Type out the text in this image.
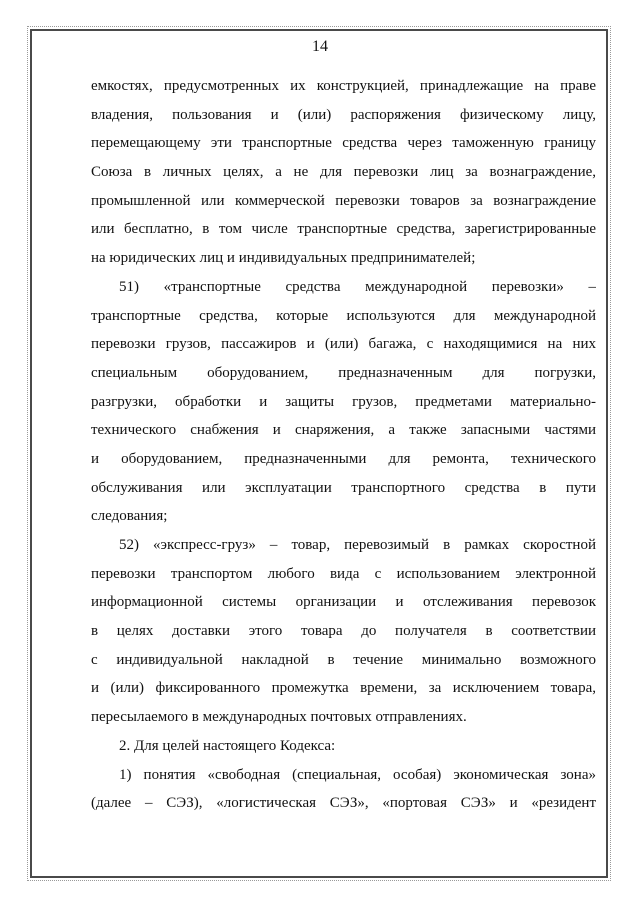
14
емкостях, предусмотренных их конструкцией, принадлежащие на праве
владения, пользования и (или) распоряжения физическому лицу,
перемещающему эти транспортные средства через таможенную границу
Союза в личных целях, а не для перевозки лиц за вознаграждение,
промышленной или коммерческой перевозки товаров за вознаграждение
или бесплатно, в том числе транспортные средства, зарегистрированные
на юридических лиц и индивидуальных предпринимателей;
51) «транспортные средства международной перевозки» –
транспортные средства, которые используются для международной
перевозки грузов, пассажиров и (или) багажа, с находящимися на них
специальным оборудованием, предназначенным для погрузки,
разгрузки, обработки и защиты грузов, предметами материально-
технического снабжения и снаряжения, а также запасными частями
и оборудованием, предназначенными для ремонта, технического
обслуживания или эксплуатации транспортного средства в пути
следования;
52) «экспресс-груз» – товар, перевозимый в рамках скоростной
перевозки транспортом любого вида с использованием электронной
информационной системы организации и отслеживания перевозок
в целях доставки этого товара до получателя в соответствии
с индивидуальной накладной в течение минимально возможного
и (или) фиксированного промежутка времени, за исключением товара,
пересылаемого в международных почтовых отправлениях.
2. Для целей настоящего Кодекса:
1) понятия «свободная (специальная, особая) экономическая зона»
(далее – СЭЗ), «логистическая СЭЗ», «портовая СЭЗ» и «резидент
